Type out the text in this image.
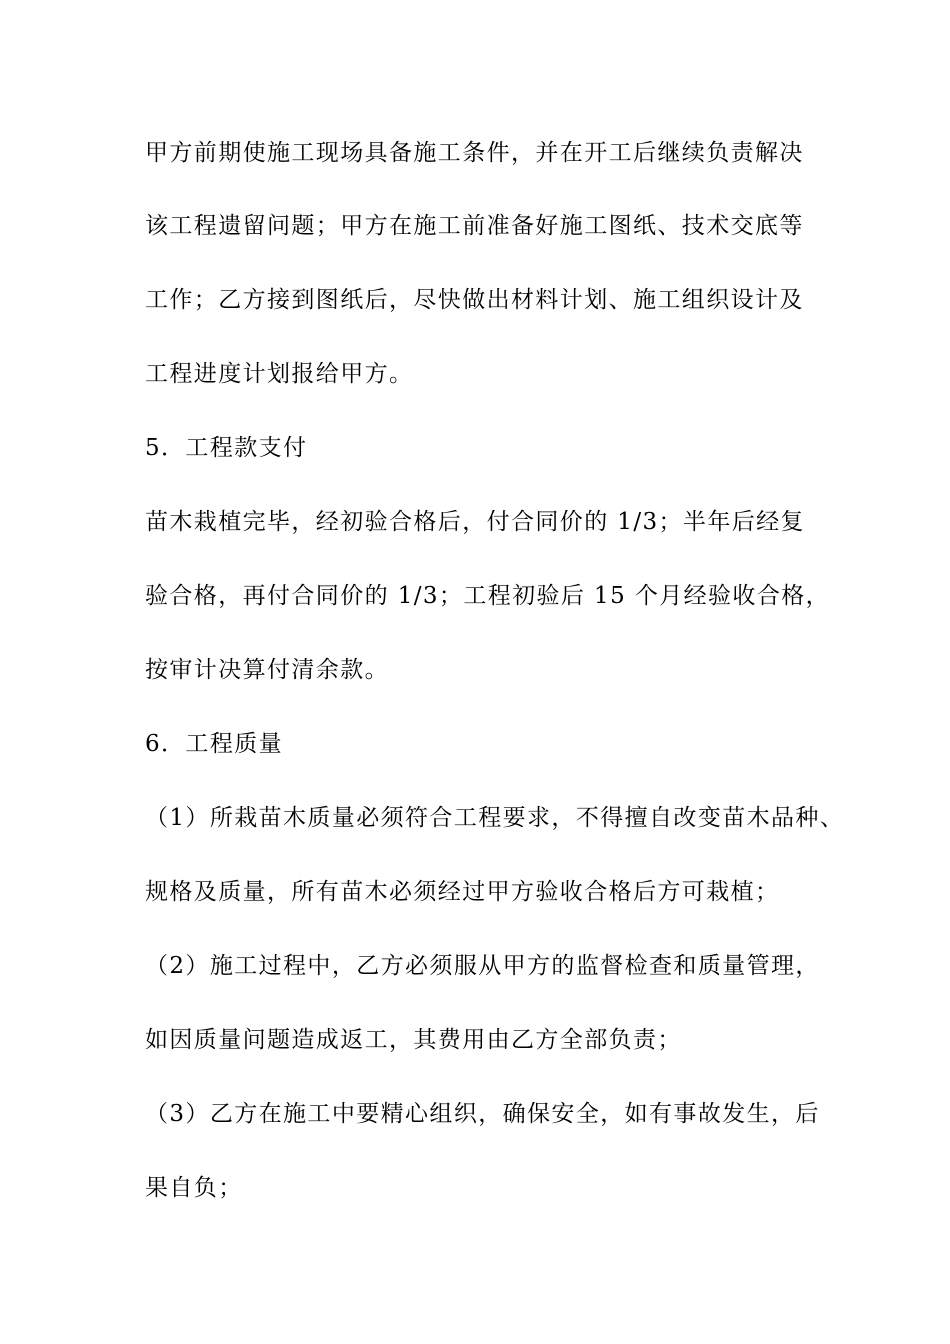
甲方前期使施工现场具备施工条件，并在开工后继续负责解决
该工程遗留问题；甲方在施工前准备好施工图纸、技术交底等
工作；乙方接到图纸后，尽快做出材料计划、施工组织设计及
工程进度计划报给甲方。
5．工程款支付
苗木栽植完毕，经初验合格后，付合同价的 1/3；半年后经复
验合格，再付合同价的 1/3；工程初验后 15 个月经验收合格，
按审计决算付清余款。
6．工程质量
（1）所栽苗木质量必须符合工程要求，不得擅自改变苗木品种、
规格及质量，所有苗木必须经过甲方验收合格后方可栽植；
（2）施工过程中，乙方必须服从甲方的监督检查和质量管理，
如因质量问题造成返工，其费用由乙方全部负责；
（3）乙方在施工中要精心组织，确保安全，如有事故发生，后
果自负；
